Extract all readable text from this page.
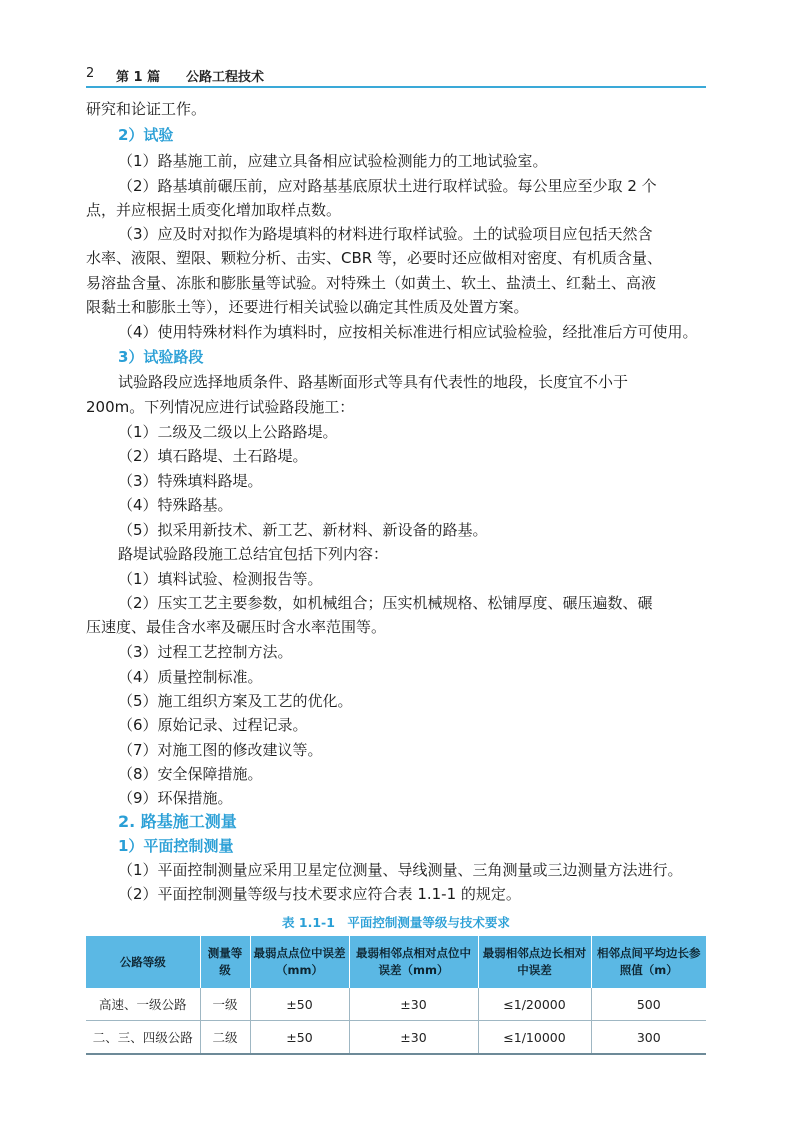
2 第 1 篇 公路工程技术
研究和论证工作。
2）试验
（1）路基施工前，应建立具备相应试验检测能力的工地试验室。
（2）路基填前碾压前，应对路基基底原状土进行取样试验。每公里应至少取 2 个
点，并应根据土质变化增加取样点数。
（3）应及时对拟作为路堤填料的材料进行取样试验。土的试验项目应包括天然含
水率、液限、塑限、颗粒分析、击实、CBR 等，必要时还应做相对密度、有机质含量、
易溶盐含量、冻胀和膨胀量等试验。对特殊土（如黄土、软土、盐渍土、红黏土、高液
限黏土和膨胀土等），还要进行相关试验以确定其性质及处置方案。
（4）使用特殊材料作为填料时，应按相关标准进行相应试验检验，经批准后方可使用。
3）试验路段
试验路段应选择地质条件、路基断面形式等具有代表性的地段，长度宜不小于
200m。下列情况应进行试验路段施工：
（1）二级及二级以上公路路堤。
（2）填石路堤、土石路堤。
（3）特殊填料路堤。
（4）特殊路基。
（5）拟采用新技术、新工艺、新材料、新设备的路基。
路堤试验路段施工总结宜包括下列内容：
（1）填料试验、检测报告等。
（2）压实工艺主要参数，如机械组合；压实机械规格、松铺厚度、碾压遍数、碾
压速度、最佳含水率及碾压时含水率范围等。
（3）过程工艺控制方法。
（4）质量控制标准。
（5）施工组织方案及工艺的优化。
（6）原始记录、过程记录。
（7）对施工图的修改建议等。
（8）安全保障措施。
（9）环保措施。
2. 路基施工测量
1）平面控制测量
（1）平面控制测量应采用卫星定位测量、导线测量、三角测量或三边测量方法进行。
（2）平面控制测量等级与技术要求应符合表 1.1-1 的规定。
表 1.1-1　平面控制测量等级与技术要求
公路等级	测量等级	最弱点点位中误差（mm）	最弱相邻点相对点位中误差（mm）	最弱相邻点边长相对中误差	相邻点间平均边长参照值（m）
高速、一级公路	一级	±50	±30	≤1/20000	500
二、三、四级公路	二级	±50	±30	≤1/10000	300
